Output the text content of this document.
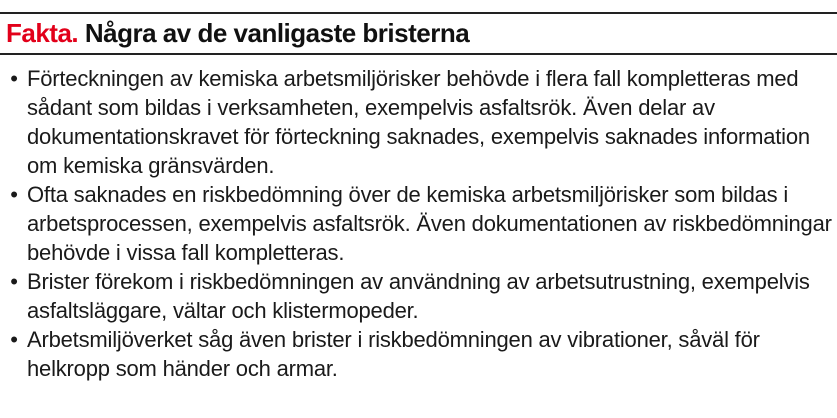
Fakta. Några av de vanligaste bristerna
• Förteckningen av kemiska arbetsmiljörisker behövde i flera fall kompletteras med sådant som bildas i verksamheten, exempelvis asfaltsrök. Även delar av dokumentationskravet för förteckning saknades, exempelvis saknades information om kemiska gränsvärden.
• Ofta saknades en riskbedömning över de kemiska arbetsmiljörisker som bildas i arbetsprocessen, exempelvis asfaltsrök. Även dokumentationen av riskbedömningar behövde i vissa fall kompletteras.
• Brister förekom i riskbedömningen av användning av arbetsutrustning, exempelvis asfaltsläggare, vältar och klistermopeder.
• Arbetsmiljöverket såg även brister i riskbedömningen av vibrationer, såväl för helkropp som händer och armar.
